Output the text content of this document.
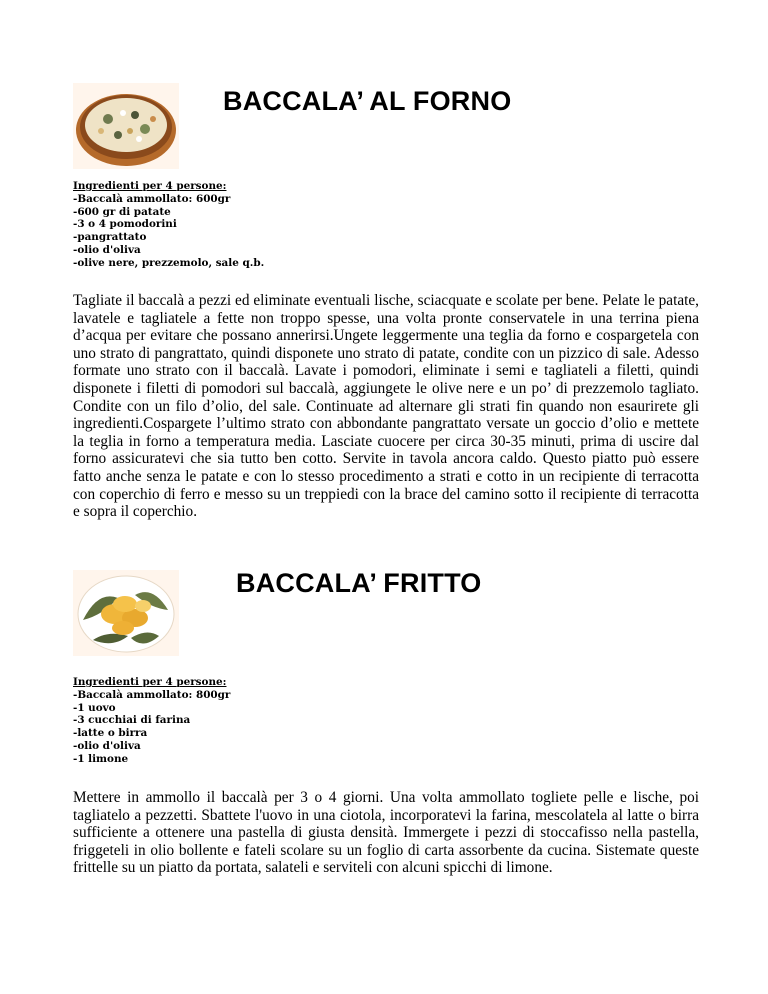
BACCALA’ AL FORNO
Ingredienti per 4 persone:
-Baccalà ammollato: 600gr
-600 gr di patate
-3 o 4 pomodorini
-pangrattato
-olio d'oliva
-olive nere, prezzemolo, sale q.b.

Tagliate il baccalà a pezzi ed eliminate eventuali lische, sciacquate e scolate per bene. Pelate le patate, lavatele e tagliatele a fette non troppo spesse, una volta pronte conservatele in una terrina piena d’acqua per evitare che possano annerirsi.Ungete leggermente una teglia da forno e cospargetela con uno strato di pangrattato, quindi disponete uno strato di patate, condite con un pizzico di sale. Adesso formate uno strato con il baccalà. Lavate i pomodori, eliminate i semi e tagliateli a filetti, quindi disponete i filetti di pomodori sul baccalà, aggiungete le olive nere e un po’ di prezzemolo tagliato. Condite con un filo d’olio, del sale. Continuate ad alternare gli strati fin quando non esaurirete gli ingredienti.Cospargete l’ultimo strato con abbondante pangrattato versate un goccio d’olio e mettete la teglia in forno a temperatura media. Lasciate cuocere per circa 30-35 minuti, prima di uscire dal forno assicuratevi che sia tutto ben cotto. Servite in tavola ancora caldo. Questo piatto può essere fatto anche senza le patate e con lo stesso procedimento a strati e cotto in un recipiente di terracotta con coperchio di ferro e messo su un treppiedi con la brace del camino sotto il recipiente di terracotta e sopra il coperchio.

BACCALA’ FRITTO
Ingredienti per 4 persone:
-Baccalà ammollato: 800gr
-1 uovo
-3 cucchiai di farina
-latte o birra
-olio d'oliva
-1 limone

Mettere in ammollo il baccalà per 3 o 4 giorni. Una volta ammollato togliete pelle e lische, poi tagliatelo a pezzetti. Sbattete l'uovo in una ciotola, incorporatevi la farina, mescolatela al latte o birra sufficiente a ottenere una pastella di giusta densità. Immergete i pezzi di stoccafisso nella pastella, friggeteli in olio bollente e fateli scolare su un foglio di carta assorbente da cucina. Sistemate queste frittelle su un piatto da portata, salateli e serviteli con alcuni spicchi di limone.
